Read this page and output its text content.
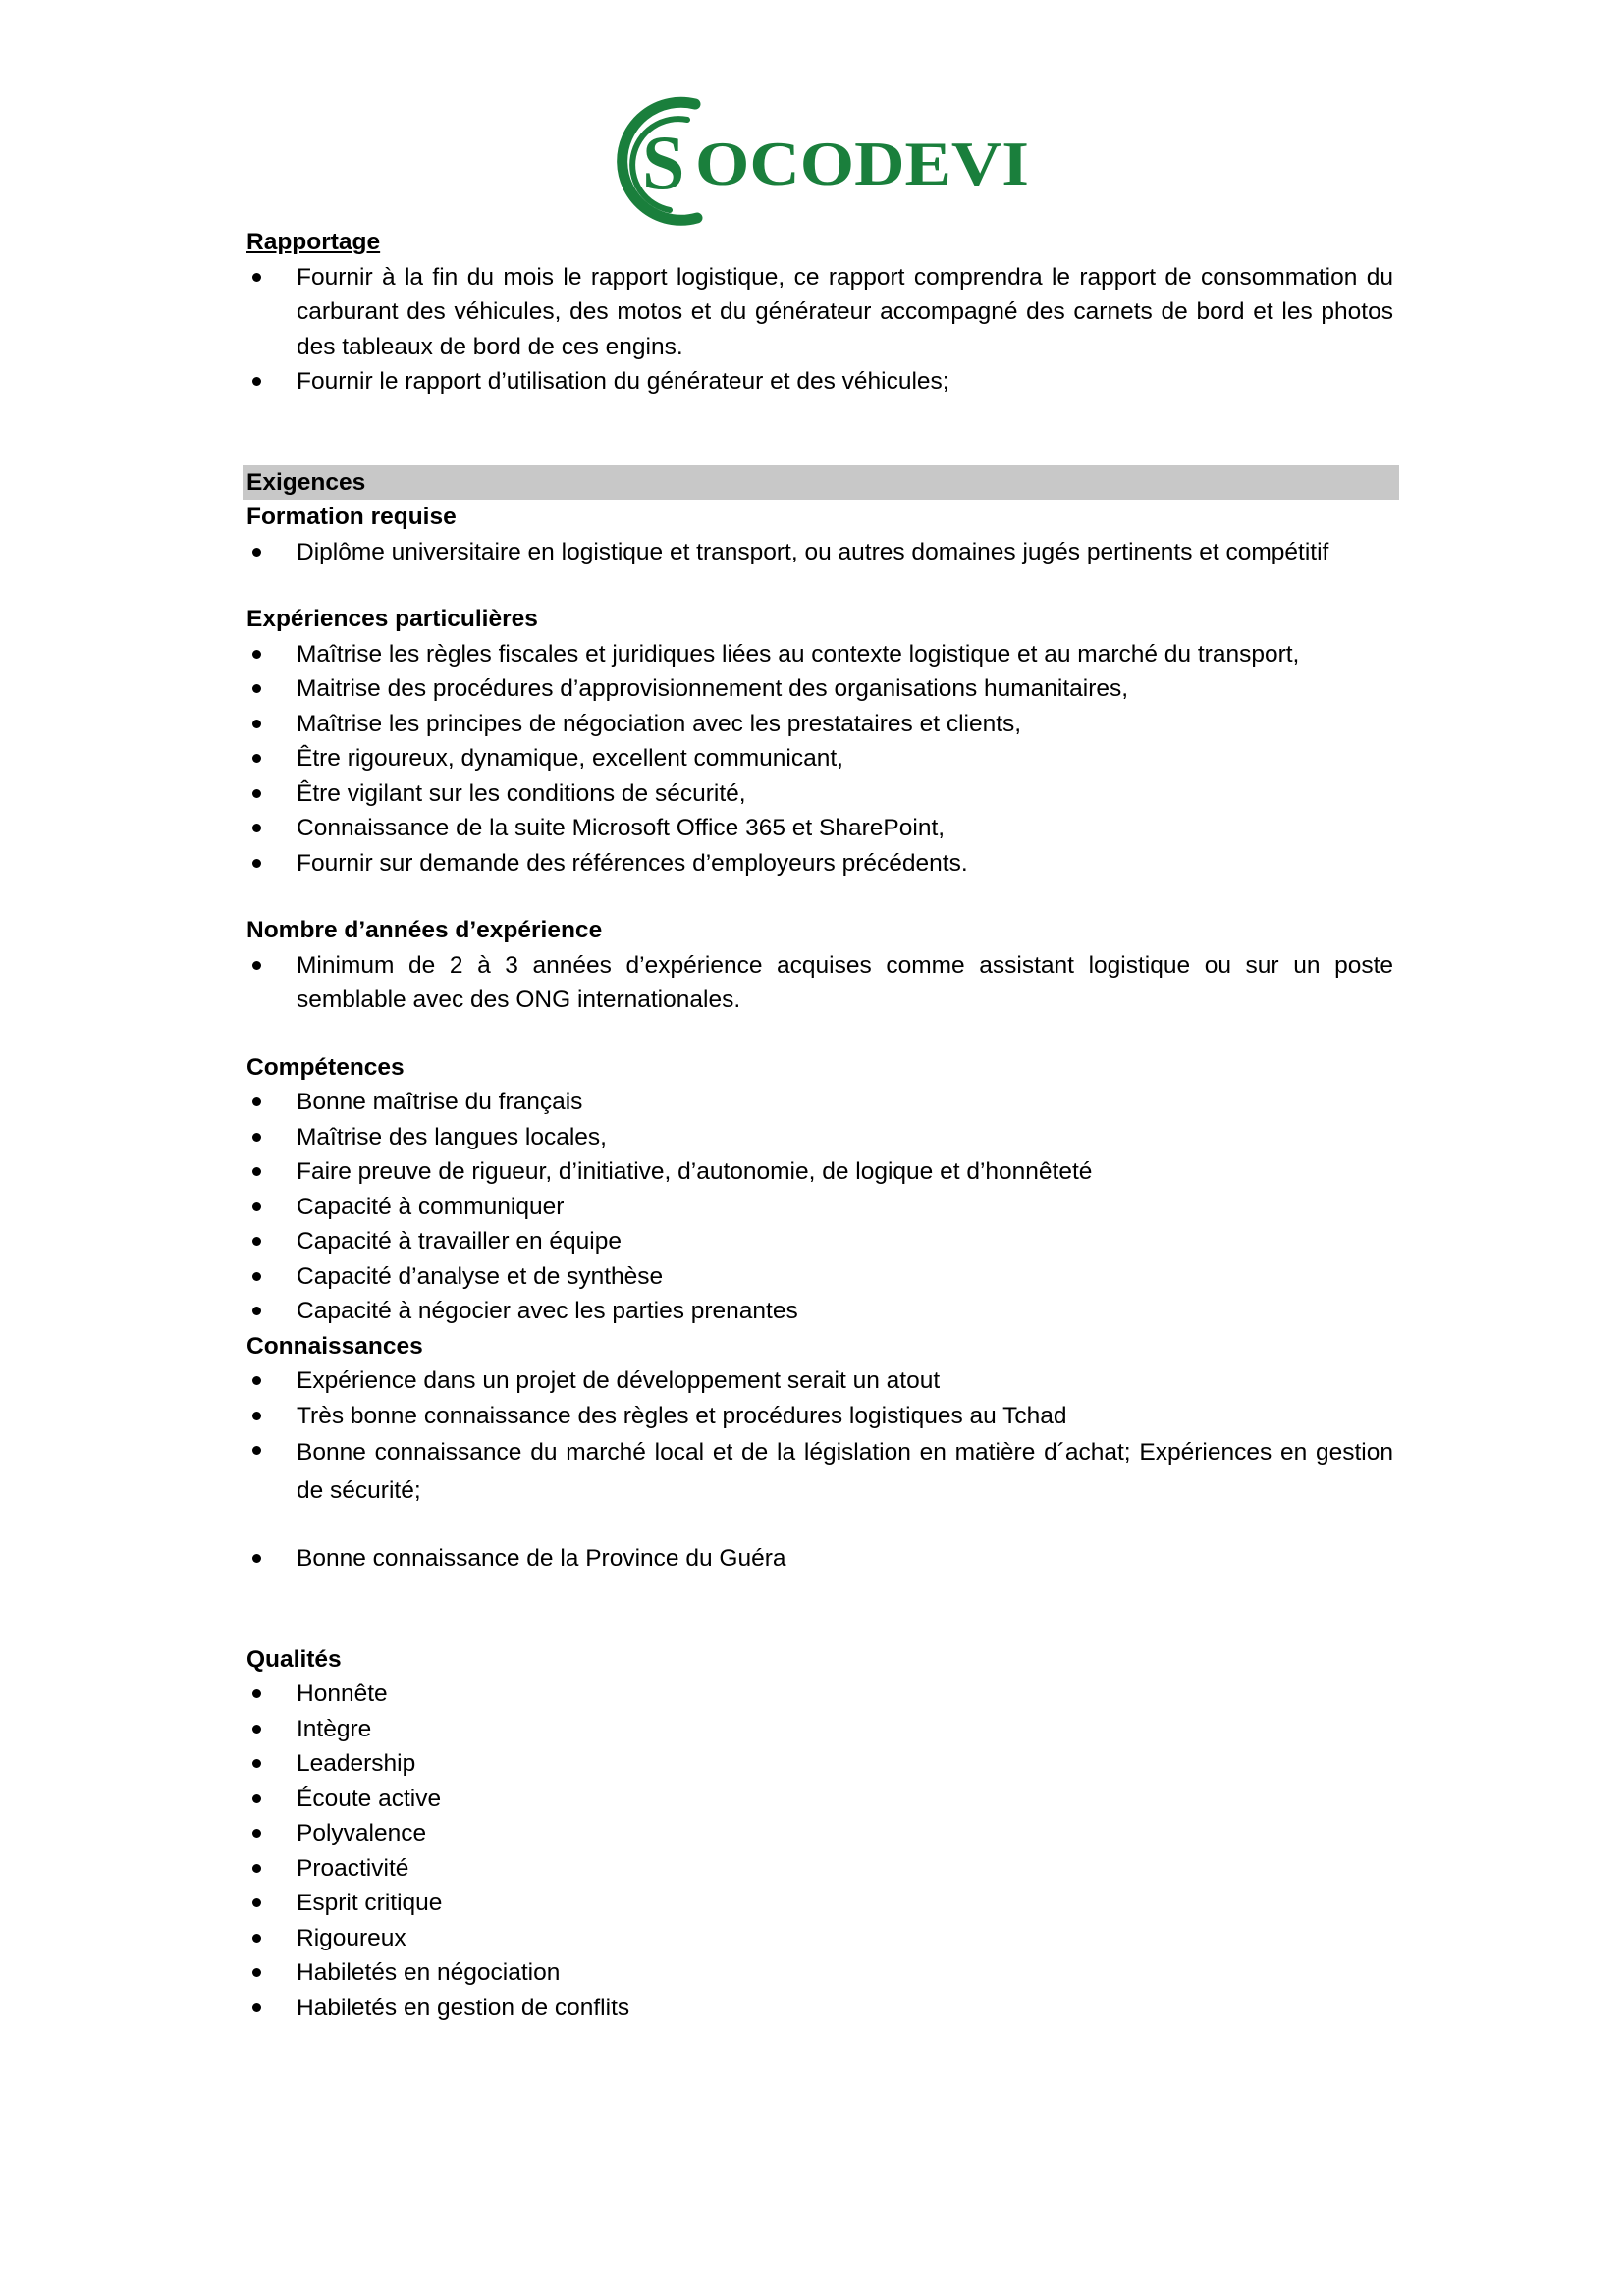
S OCODEVI
Rapportage
Fournir à la fin du mois le rapport logistique, ce rapport comprendra le rapport de consommation du carburant des véhicules, des motos et du générateur accompagné des carnets de bord et les photos des tableaux de bord de ces engins.
Fournir le rapport d’utilisation du générateur et des véhicules;
Exigences
Formation requise
Diplôme universitaire en logistique et transport, ou autres domaines jugés pertinents et compétitif
Expériences particulières
Maîtrise les règles fiscales et juridiques liées au contexte logistique et au marché du transport,
Maitrise des procédures d’approvisionnement des organisations humanitaires,
Maîtrise les principes de négociation avec les prestataires et clients,
Être rigoureux, dynamique, excellent communicant,
Être vigilant sur les conditions de sécurité,
Connaissance de la suite Microsoft Office 365 et SharePoint,
Fournir sur demande des références d’employeurs précédents.
Nombre d’années d’expérience
Minimum de 2 à 3 années d’expérience acquises comme assistant logistique ou sur un poste semblable avec des ONG internationales.
Compétences
Bonne maîtrise du français
Maîtrise des langues locales,
Faire preuve de rigueur, d’initiative, d’autonomie, de logique et d’honnêteté
Capacité à communiquer
Capacité à travailler en équipe
Capacité d’analyse et de synthèse
Capacité à négocier avec les parties prenantes
Connaissances
Expérience dans un projet de développement serait un atout
Très bonne connaissance des règles et procédures logistiques au Tchad
Bonne connaissance du marché local et de la législation en matière d´achat; Expériences en gestion de sécurité;
Bonne connaissance de la Province du Guéra
Qualités
Honnête
Intègre
Leadership
Écoute active
Polyvalence
Proactivité
Esprit critique
Rigoureux
Habiletés en négociation
Habiletés en gestion de conflits
